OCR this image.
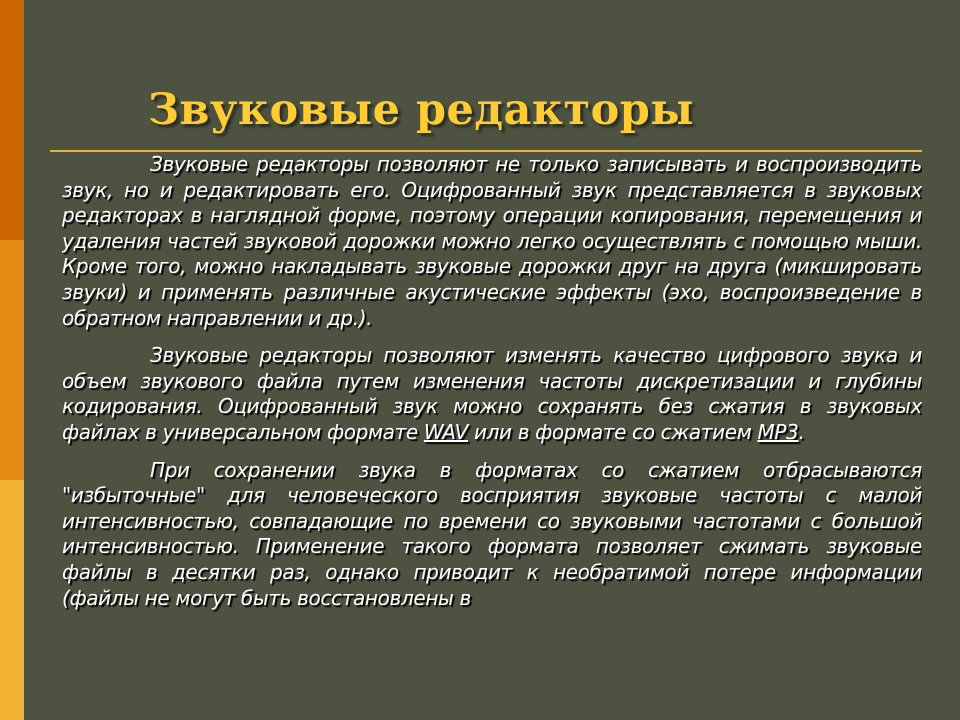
Звуковые редакторы

Звуковые редакторы позволяют не только записывать и воспроизводить звук, но и редактировать его. Оцифрованный звук представляется в звуковых редакторах в наглядной форме, поэтому операции копирования, перемещения и удаления частей звуковой дорожки можно легко осуществлять с помощью мыши. Кроме того, можно накладывать звуковые дорожки друг на друга (микшировать звуки) и применять различные акустические эффекты (эхо, воспроизведение в обратном направлении и др.).

Звуковые редакторы позволяют изменять качество цифрового звука и объем звукового файла путем изменения частоты дискретизации и глубины кодирования. Оцифрованный звук можно сохранять без сжатия в звуковых файлах в универсальном формате WAV или в формате со сжатием MP3.

При сохранении звука в форматах со сжатием отбрасываются "избыточные" для человеческого восприятия звуковые частоты с малой интенсивностью, совпадающие по времени со звуковыми частотами с большой интенсивностью. Применение такого формата позволяет сжимать звуковые файлы в десятки раз, однако приводит к необратимой потере информации (файлы не могут быть восстановлены в
